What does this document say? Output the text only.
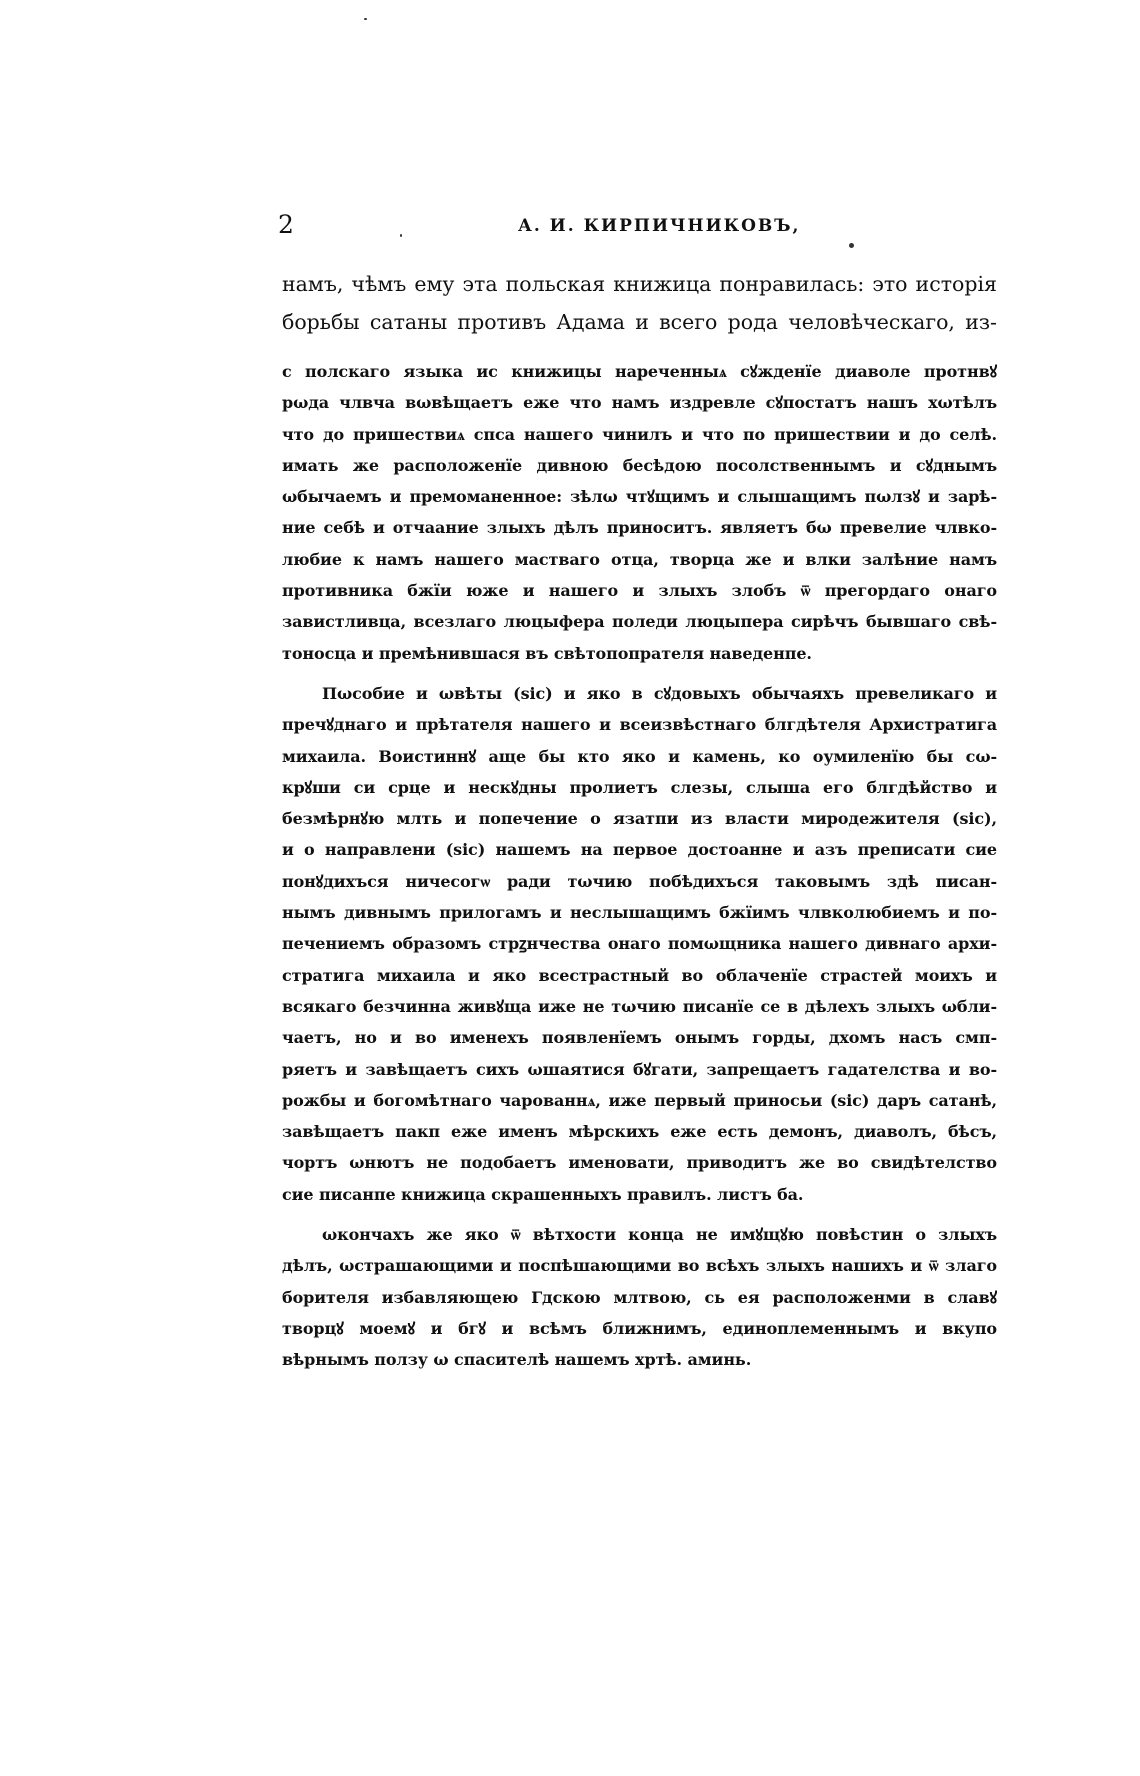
2	А. И. КИРПИЧНИКОВЪ,
намъ, чѣмъ ему эта польская книжица понравилась: это исторія
борьбы сатаны противъ Адама и всего рода человѣческаго, из-
с полскаго языка ис книжицы нареченныѧ сꙋжденїе диаволе протнвꙋ
рωда члвча вωвѣщаетъ еже что намъ издревле сꙋпостатъ нашъ хωтѣлъ
что до пришествиѧ спса нашего чинилъ и что по пришествии и до селѣ.
имать же расположенїе дивною бесѣдою посолственнымъ и сꙋднымъ
ωбычаемъ и премоманенное: зѣлω чтꙋщимъ и слышащимъ пωлзꙋ и зарѣ-
ние себѣ и отчаание злыхъ дѣлъ приноситъ. являетъ бω превелие члвко-
любие к намъ нашего мастваго отца, творца же и влки залѣние намъ
противника бжїи юже и нашего и злыхъ злобъ ѿ прегордаго онаго
завистливца, всезлаго люцыфера поледи люцыпера сирѣчъ бывшаго свѣ-
тоносца и премѣнившася въ свѣтопопрателя наведенпе.
Пωсобие и ωвѣты (sic) и яко в сꙋдовыхъ обычаяхъ превеликаго и
пречꙋднаго и прѣтателя нашего и всеизвѣстнаго блгдѣтеля Архистратига
михаила. Воистиннꙋ аще бы кто яко и камень, ко оумиленїю бы сω-
крꙋши си срце и нескꙋдны пролиетъ слезы, слыша его блгдѣйство и
безмѣрнꙋю млть и попечение о язатпи из власти миродежителя (sic),
и о направлени (sic) нашемъ на первое достоанне и азъ преписати сие
понꙋдихъся ничесогѡ ради тωчию побѣдихъся таковымъ здѣ писан-
нымъ дивнымъ прилогамъ и неслышащимъ бжїимъ члвколюбиемъ и по-
печениемъ образомъ стрꙁнчества онаго помωщника нашего дивнаго архи-
стратига михаила и яко всестрастный во облаченїе страстей моихъ и
всякаго безчинна живꙋща иже не тωчию писанїе се в дѣлехъ злыхъ ωбли-
чаетъ, но и во именехъ появленїемъ онымъ горды, дхомъ насъ смп-
ряетъ и завѣщаетъ сихъ ωшаятися бꙋгати, запрещаетъ гадателства и во-
рожбы и богомѣтнаго чарованнѧ, иже первый приносьи (sic) даръ сатанѣ,
завѣщаетъ пакп еже именъ мѣрскихъ еже есть демонъ, диаволъ, бѣсъ,
чортъ ωнютъ не подобаетъ именовати, приводитъ же во свидѣтелство
сие писанпе книжица скрашенныхъ правилъ. листъ ба.
ωкончахъ же яко ѿ вѣтхости конца не имꙋщꙋю повѣстин о злыхъ
дѣлъ, ωстрашающими и поспѣшающими во всѣхъ злыхъ нашихъ и ѿ злаго
борителя избавляющею Гдскою млтвою, сь ея расположенми в славꙋ
творцꙋ моемꙋ и бгꙋ и всѣмъ ближнимъ, единоплеменнымъ и вкупо
вѣрнымъ ползу ω спасителѣ нашемъ хртѣ. аминь.
